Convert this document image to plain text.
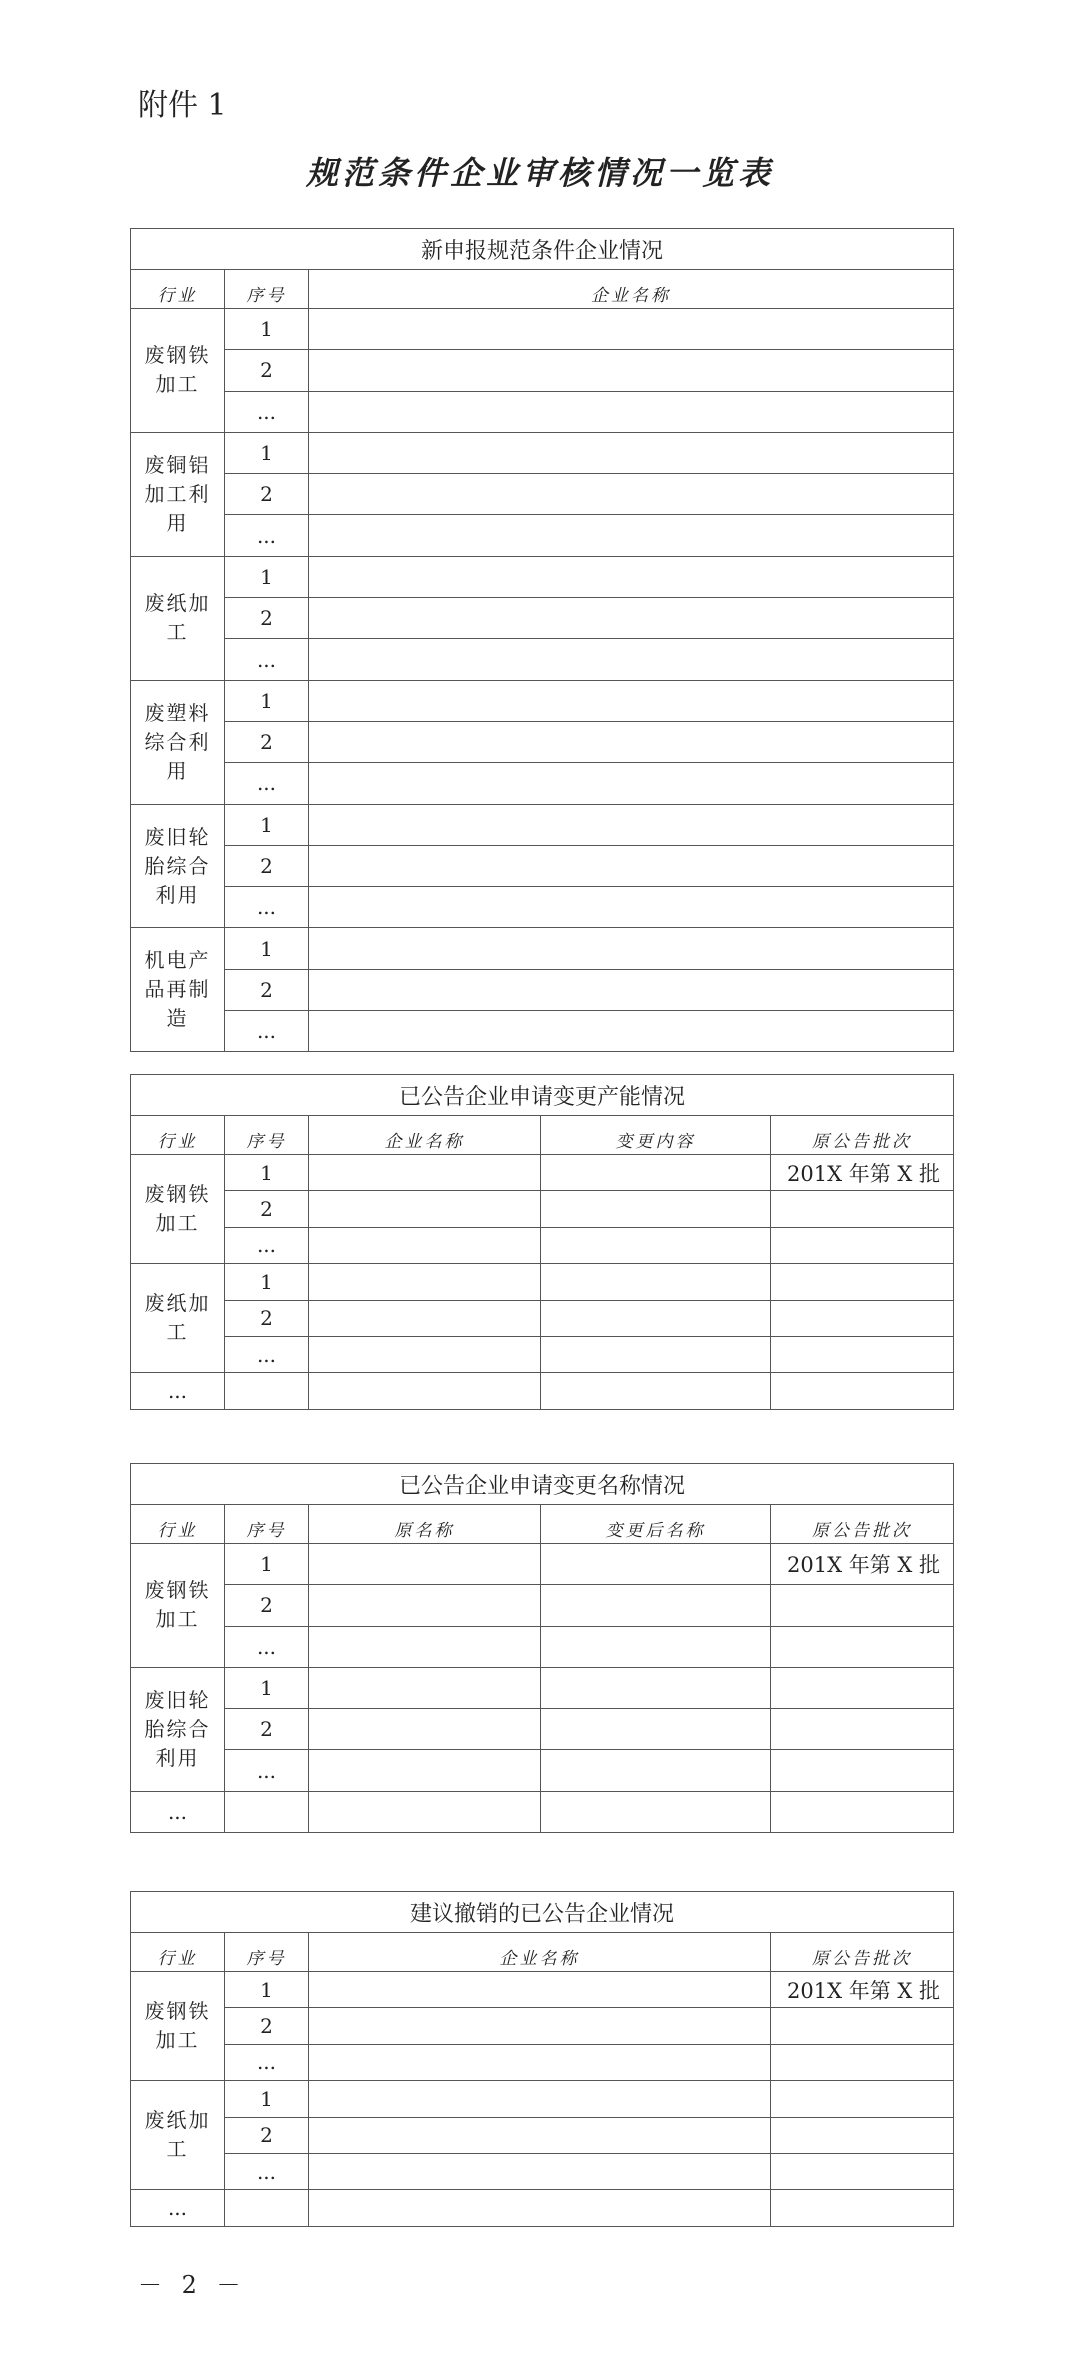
附件 1
规范条件企业审核情况一览表
新申报规范条件企业情况		
行业	序号	企业名称
废钢铁加工	1	
	2	
	...	
废铜铝加工利用	1	
	2	
	...	
废纸加工	1	
	2	
	...	
废塑料综合利用	1	
	2	
	...	
废旧轮胎综合利用	1	
	2	
	...	
机电产品再制造	1	
	2	
	...	
已公告企业申请变更产能情况				
行业	序号	企业名称	变更内容	原公告批次
废钢铁加工	1			201X 年第 X 批
	2			
	...			
废纸加工	1			
	2			
	...			
...				
已公告企业申请变更名称情况				
行业	序号	原名称	变更后名称	原公告批次
废钢铁加工	1			201X 年第 X 批
	2			
	...			
废旧轮胎综合利用	1			
	2			
	...			
...				
建议撤销的已公告企业情况			
行业	序号	企业名称	原公告批次
废钢铁加工	1		201X 年第 X 批
	2		
	...		
废纸加工	1		
	2		
	...		
...			
－ 2 －
